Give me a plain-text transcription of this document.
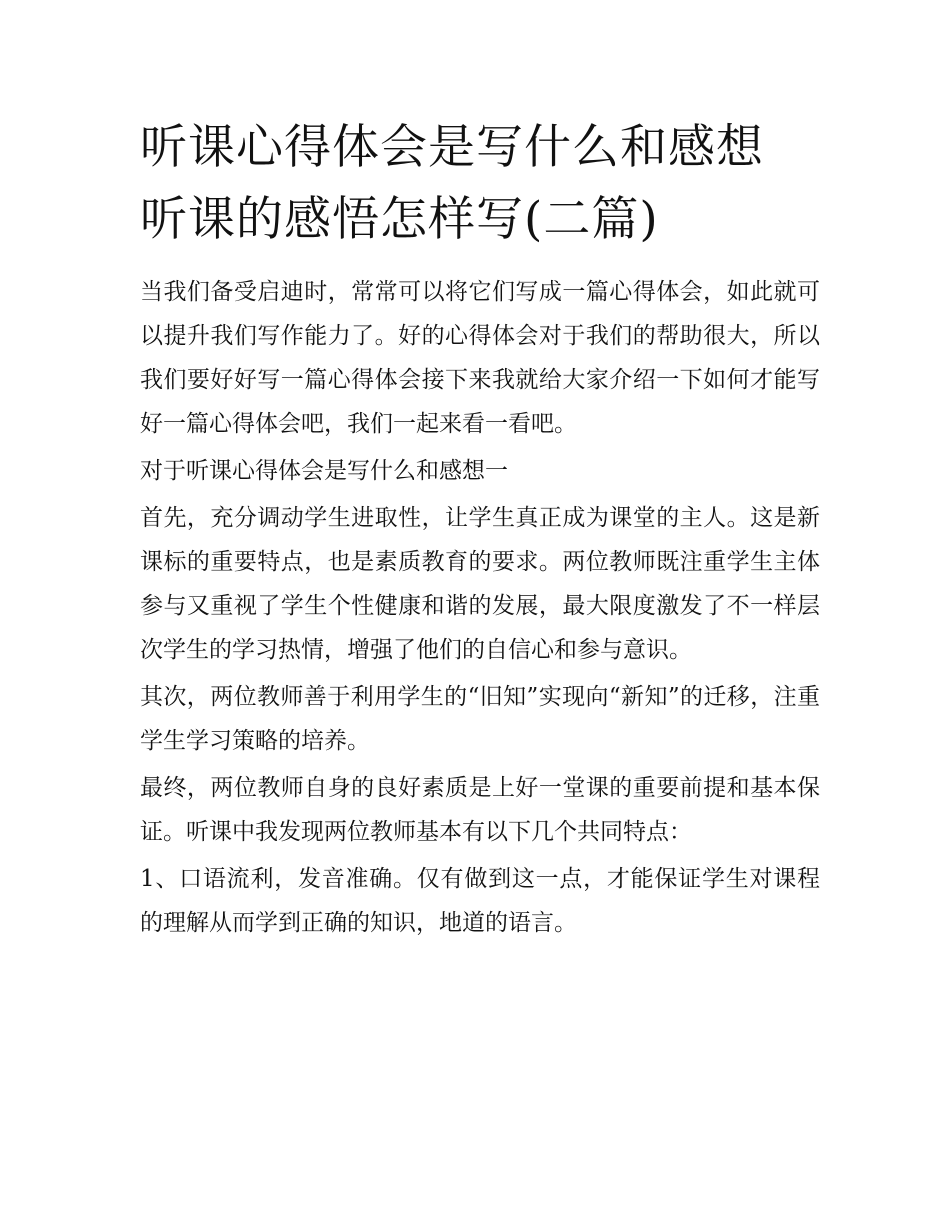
听课心得体会是写什么和感想
听课的感悟怎样写(二篇)

当我们备受启迪时，常常可以将它们写成一篇心得体会，如此就可以提升我们写作能力了。好的心得体会对于我们的帮助很大，所以我们要好好写一篇心得体会接下来我就给大家介绍一下如何才能写好一篇心得体会吧，我们一起来看一看吧。

对于听课心得体会是写什么和感想一

首先，充分调动学生进取性，让学生真正成为课堂的主人。这是新课标的重要特点，也是素质教育的要求。两位教师既注重学生主体参与又重视了学生个性健康和谐的发展，最大限度激发了不一样层次学生的学习热情，增强了他们的自信心和参与意识。

其次，两位教师善于利用学生的“旧知”实现向“新知”的迁移，注重学生学习策略的培养。

最终，两位教师自身的良好素质是上好一堂课的重要前提和基本保证。听课中我发现两位教师基本有以下几个共同特点：

1、口语流利，发音准确。仅有做到这一点，才能保证学生对课程的理解从而学到正确的知识，地道的语言。
